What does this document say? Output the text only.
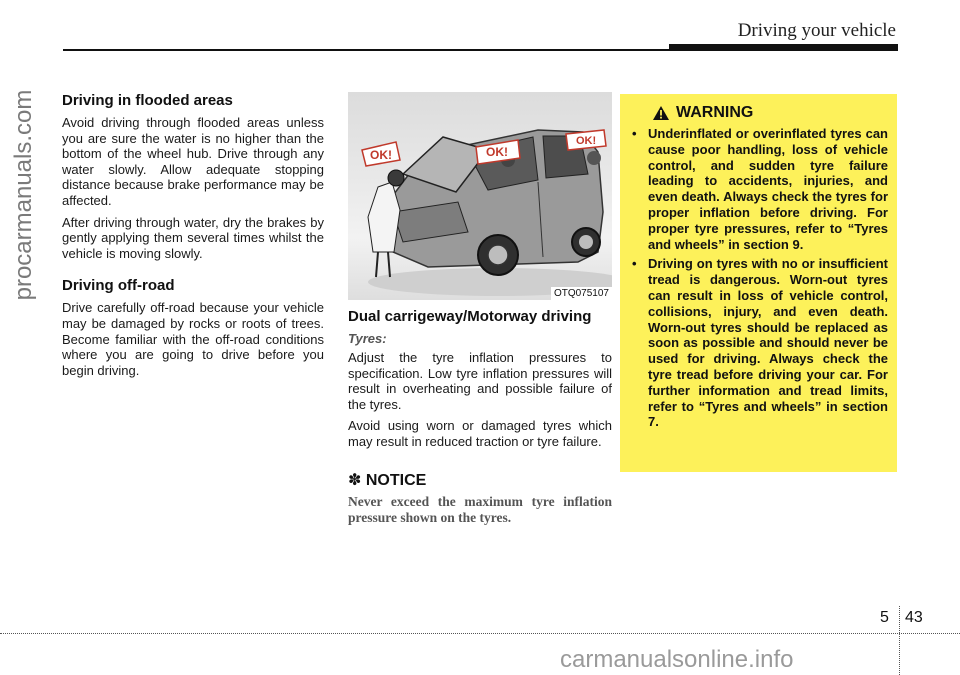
Driving your vehicle
procarmanuals.com Driving in flooded areas

Avoid driving through flooded areas unless you are sure the water is no higher than the bottom of the wheel hub. Drive through any water slowly. Allow adequate stopping distance because brake performance may be affected.

After driving through water, dry the brakes by gently applying them several times whilst the vehicle is moving slowly.

Driving off-road

Drive carefully off-road because your vehicle may be damaged by rocks or roots of trees. Become familiar with the off-road conditions where you are going to drive before you begin driving.

OK!	OK!
OK!
OTQ075107
Dual carrigeway/Motorway driving

Tyres:

Adjust the tyre inflation pressures to specification. Low tyre inflation pressures will result in overheating and possible failure of the tyres.

Avoid using worn or damaged tyres which may result in reduced traction or tyre failure.

✽ NOTICE

Never exceed the maximum tyre inflation pressure shown on the tyres.

WARNING
• Underinflated or overinflated tyres can cause poor handling, loss of vehicle control, and sudden tyre failure leading to accidents, injuries, and even death. Always check the tyres for proper inflation before driving. For proper tyre pressures, refer to “Tyres and wheels” in section 9.
• Driving on tyres with no or insufficient tread is dangerous. Worn-out tyres can result in loss of vehicle control, collisions, injury, and even death. Worn-out tyres should be replaced as soon as possible and should never be used for driving. Always check the tyre tread before driving your car. For further information and tread limits, refer to “Tyres and wheels” in section 7.
5 43
carmanualsonline.info
